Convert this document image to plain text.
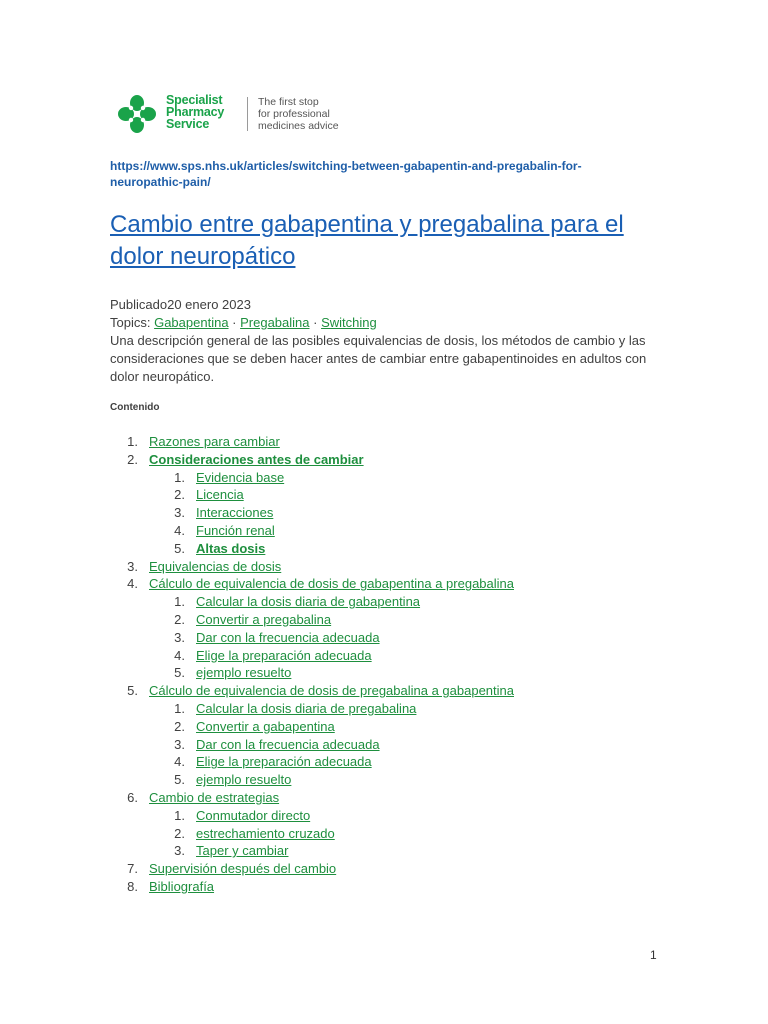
Specialist
Pharmacy
Service
The first stop
for professional
medicines advice
https://www.sps.nhs.uk/articles/switching-between-gabapentin-and-pregabalin-for-neuropathic-pain/
Cambio entre gabapentina y pregabalina para el dolor neuropático
Publicado20 enero 2023
Topics: Gabapentina · Pregabalina · Switching
Una descripción general de las posibles equivalencias de dosis, los métodos de cambio y las consideraciones que se deben hacer antes de cambiar entre gabapentinoides en adultos con dolor neuropático.
Contenido
1. Razones para cambiar
2. Consideraciones antes de cambiar
1. Evidencia base
2. Licencia
3. Interacciones
4. Función renal
5. Altas dosis
3. Equivalencias de dosis
4. Cálculo de equivalencia de dosis de gabapentina a pregabalina
1. Calcular la dosis diaria de gabapentina
2. Convertir a pregabalina
3. Dar con la frecuencia adecuada
4. Elige la preparación adecuada
5. ejemplo resuelto
5. Cálculo de equivalencia de dosis de pregabalina a gabapentina
1. Calcular la dosis diaria de pregabalina
2. Convertir a gabapentina
3. Dar con la frecuencia adecuada
4. Elige la preparación adecuada
5. ejemplo resuelto
6. Cambio de estrategias
1. Conmutador directo
2. estrechamiento cruzado
3. Taper y cambiar
7. Supervisión después del cambio
8. Bibliografía
1
